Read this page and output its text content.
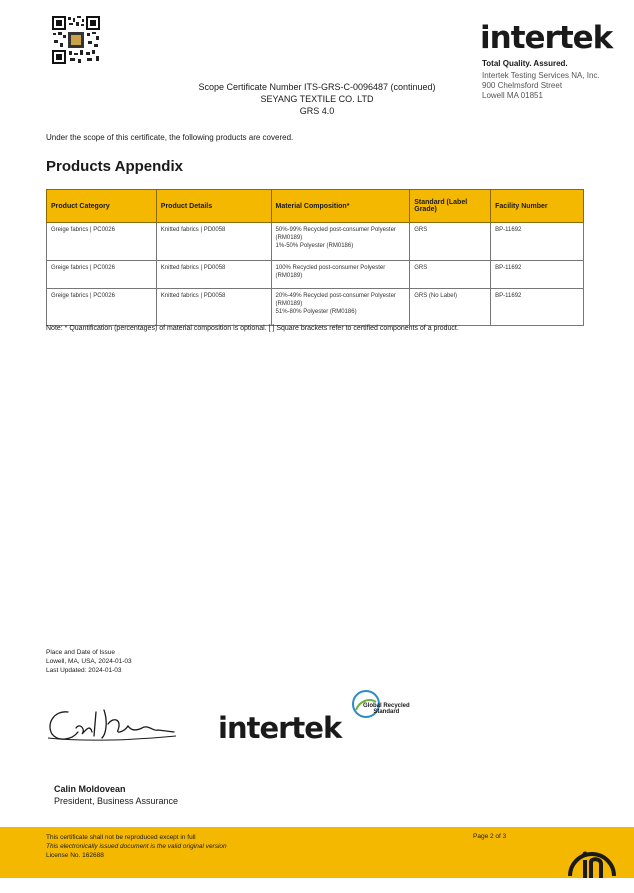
intertek
Total Quality. Assured.
Intertek Testing Services NA, Inc.
900 Chelmsford Street
Lowell MA 01851
Scope Certificate Number ITS-GRS-C-0096487 (continued)
SEYANG TEXTILE CO. LTD
GRS 4.0
Under the scope of this certificate, the following products are covered.
Products Appendix
Product Category	Product Details	Material Composition*	Standard (Label Grade)	Facility Number
Greige fabrics | PC0026	Knitted fabrics | PD0058	50%-99% Recycled post-consumer Polyester (RM0189)
1%-50% Polyester (RM0186)	GRS	BP-11692
Greige fabrics | PC0026	Knitted fabrics | PD0058	100% Recycled post-consumer Polyester (RM0189)	GRS	BP-11692
Greige fabrics | PC0026	Knitted fabrics | PD0058	20%-49% Recycled post-consumer Polyester (RM0189)
51%-80% Polyester (RM0186)	GRS (No Label)	BP-11692
Note: * Quantification (percentages) of material composition is optional. [ ] Square brackets refer to certified components of a product.
Place and Date of Issue
Lowell, MA, USA, 2024-01-03
Last Updated: 2024-01-03
intertek
Global Recycled
Standard
Calin Moldovean
President, Business Assurance
This certificate shall not be reproduced except in full
This electronically issued document is the valid original version
License No. 162688
Page 2 of 3
